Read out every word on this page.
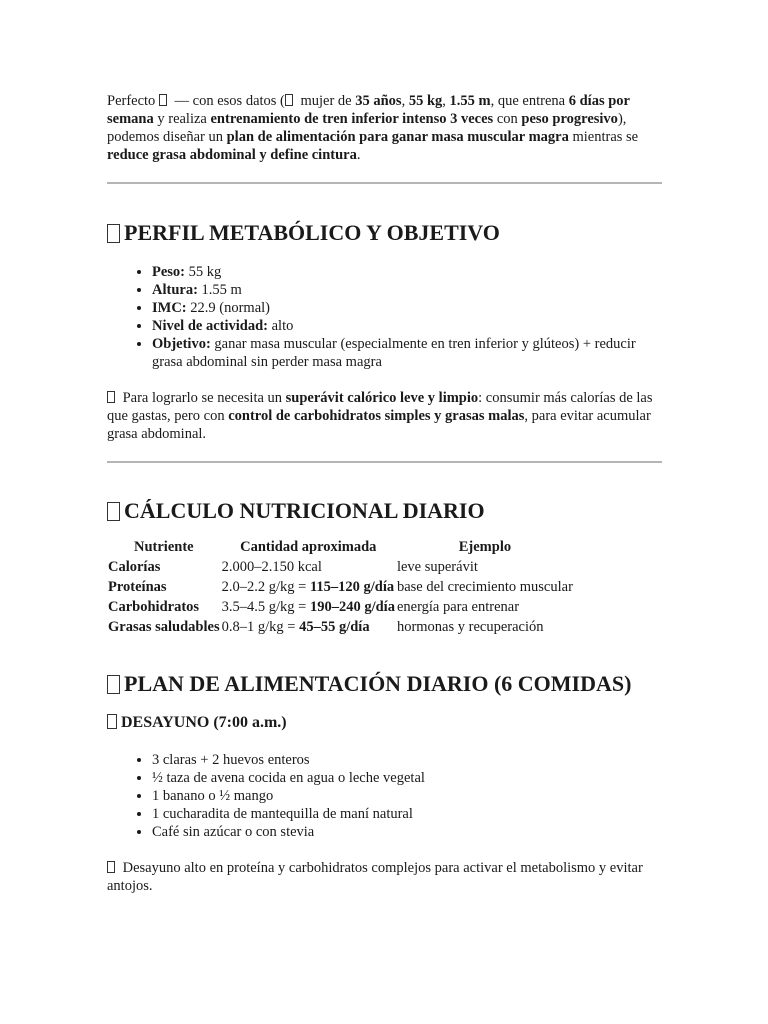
Perfecto  — con esos datos ( mujer de 35 años, 55 kg, 1.55 m, que entrena 6 días por semana y realiza entrenamiento de tren inferior intenso 3 veces con peso progresivo), podemos diseñar un plan de alimentación para ganar masa muscular magra mientras se reduce grasa abdominal y define cintura.

PERFIL METABÓLICO Y OBJETIVO
• Peso: 55 kg
• Altura: 1.55 m
• IMC: 22.9 (normal)
• Nivel de actividad: alto
• Objetivo: ganar masa muscular (especialmente en tren inferior y glúteos) + reducir grasa abdominal sin perder masa magra

Para lograrlo se necesita un superávit calórico leve y limpio: consumir más calorías de las que gastas, pero con control de carbohidratos simples y grasas malas, para evitar acumular grasa abdominal.

CÁLCULO NUTRICIONAL DIARIO
Nutriente	Cantidad aproximada	Ejemplo
Calorías	2.000–2.150 kcal	leve superávit
Proteínas	2.0–2.2 g/kg = 115–120 g/día	base del crecimiento muscular
Carbohidratos	3.5–4.5 g/kg = 190–240 g/día	energía para entrenar
Grasas saludables	0.8–1 g/kg = 45–55 g/día	hormonas y recuperación
PLAN DE ALIMENTACIÓN DIARIO (6 COMIDAS)
DESAYUNO (7:00 a.m.)
• 3 claras + 2 huevos enteros
• ½ taza de avena cocida en agua o leche vegetal
• 1 banano o ½ mango
• 1 cucharadita de mantequilla de maní natural
• Café sin azúcar o con stevia

Desayuno alto en proteína y carbohidratos complejos para activar el metabolismo y evitar antojos.
